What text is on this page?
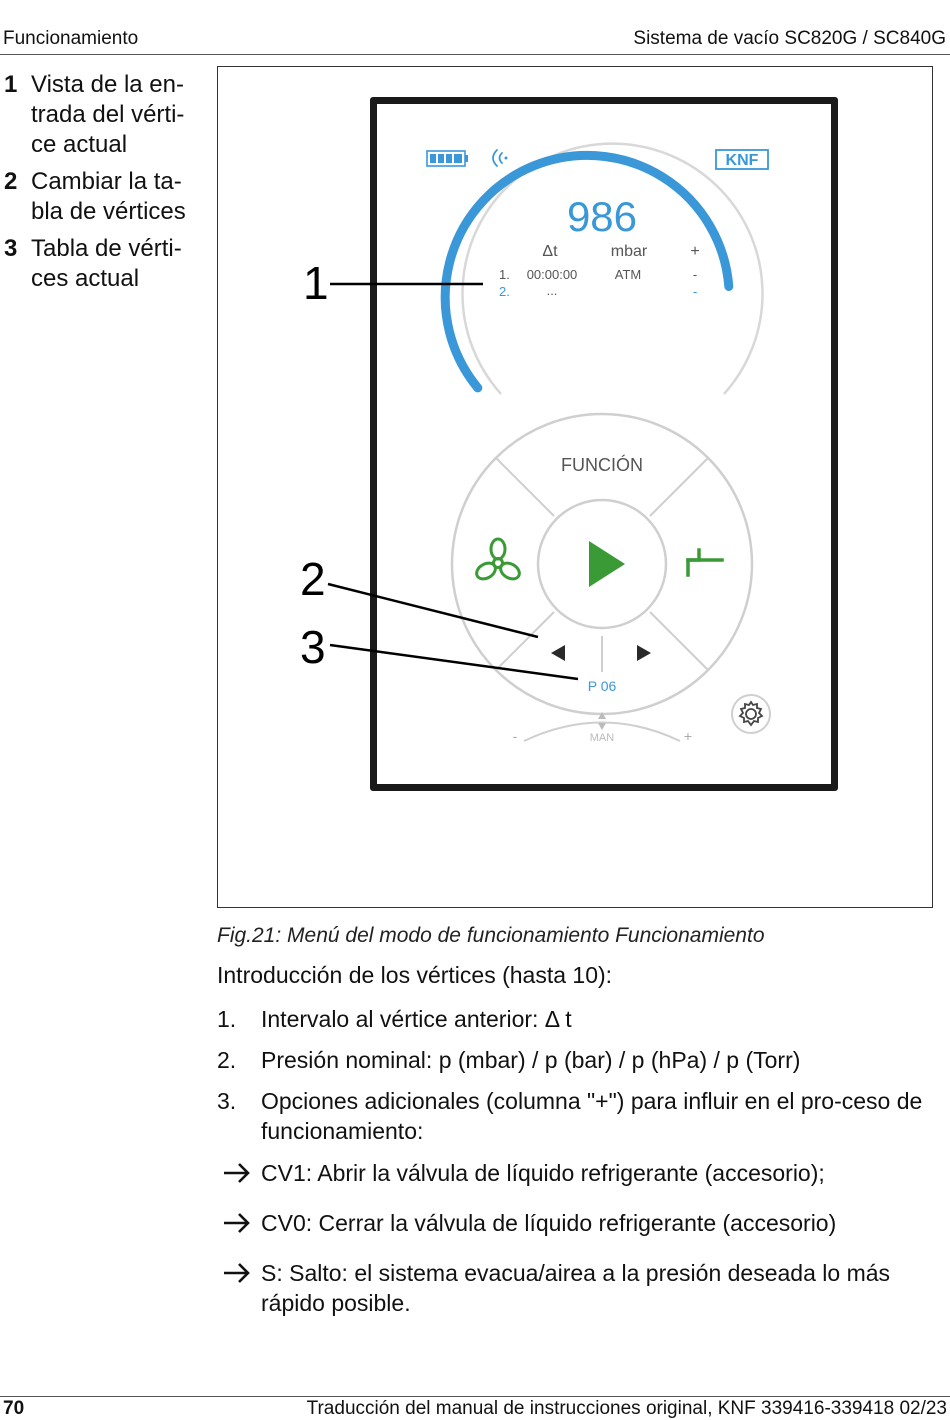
Funcionamiento	Sistema de vacío SC820G / SC840G
1 Vista de la en-
trada del vérti-
ce actual
2 Cambiar la ta-
bla de vértices
3 Tabla de vérti-
ces actual
KNF
986
Δt	mbar	+
1. 00:00:00	ATM	-
2.	...	-
FUNCIÓN
P 06
-	+
MAN
1
2
3
Fig.21: Menú del modo de funcionamiento Funcionamiento
Introducción de los vértices (hasta 10):
1.	Intervalo al vértice anterior: Δ t
2.	Presión nominal: p (mbar) / p (bar) / p (hPa) / p (Torr)
3.	Opciones adicionales (columna "+") para influir en el pro-ceso de funcionamiento:
CV1: Abrir la válvula de líquido refrigerante (accesorio);
CV0: Cerrar la válvula de líquido refrigerante (accesorio)
S: Salto: el sistema evacua/airea a la presión deseada lo más rápido posible.
70	Traducción del manual de instrucciones original, KNF 339416-339418 02/23
